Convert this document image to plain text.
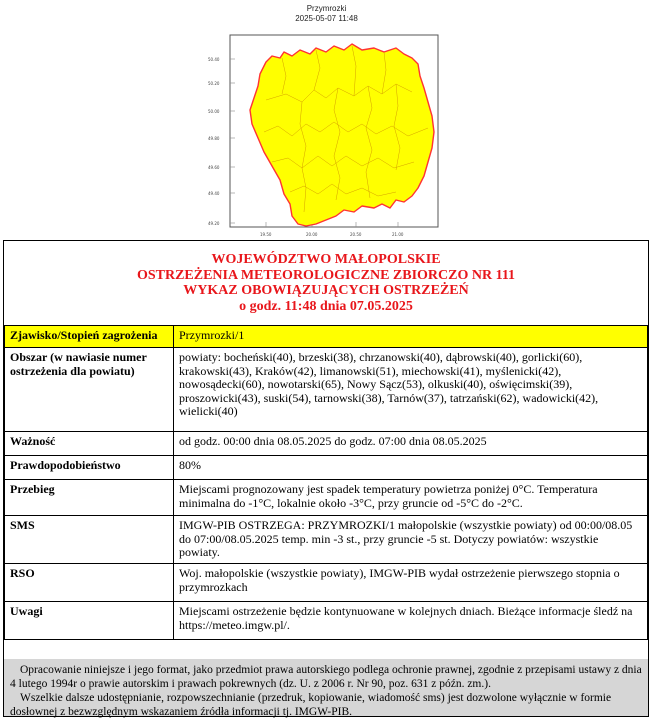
Przymrozki
2025-05-07 11:48
50.40
50.20
50.00
49.80
49.60
49.40
49.20
19.50	20.00	20.50	21.00
WOJEWÓDZTWO MAŁOPOLSKIE
OSTRZEŻENIA METEOROLOGICZNE ZBIORCZO NR 111
WYKAZ OBOWIĄZUJĄCYCH OSTRZEŻEŃ
o godz. 11:48 dnia 07.05.2025
Zjawisko/Stopień zagrożenia	Przymrozki/1
Obszar (w nawiasie numer ostrzeżenia dla powiatu)	powiaty: bocheński(40), brzeski(38), chrzanowski(40), dąbrowski(40), gorlicki(60), krakowski(43), Kraków(42), limanowski(51), miechowski(41), myślenicki(42), nowosądecki(60), nowotarski(65), Nowy Sącz(53), olkuski(40), oświęcimski(39), proszowicki(43), suski(54), tarnowski(38), Tarnów(37), tatrzański(62), wadowicki(42), wielicki(40)
Ważność	od godz. 00:00 dnia 08.05.2025 do godz. 07:00 dnia 08.05.2025
Prawdopodobieństwo	80%
Przebieg	Miejscami prognozowany jest spadek temperatury powietrza poniżej 0°C. Temperatura minimalna do -1°C, lokalnie około -3°C, przy gruncie od -5°C do -2°C.
SMS	IMGW-PIB OSTRZEGA: PRZYMROZKI/1 małopolskie (wszystkie powiaty) od 00:00/08.05 do 07:00/08.05.2025 temp. min -3 st., przy gruncie -5 st. Dotyczy powiatów: wszystkie powiaty.
RSO	Woj. małopolskie (wszystkie powiaty), IMGW-PIB wydał ostrzeżenie pierwszego stopnia o przymrozkach
Uwagi	Miejscami ostrzeżenie będzie kontynuowane w kolejnych dniach. Bieżące informacje śledź na https://meteo.imgw.pl/.

Opracowanie niniejsze i jego format, jako przedmiot prawa autorskiego podlega ochronie prawnej, zgodnie z przepisami ustawy z dnia 4 lutego 1994r o prawie autorskim i prawach pokrewnych (dz. U. z 2006 r. Nr 90, poz. 631 z późn. zm.).

Wszelkie dalsze udostępnianie, rozpowszechnianie (przedruk, kopiowanie, wiadomość sms) jest dozwolone wyłącznie w formie dosłownej z bezwzględnym wskazaniem źródła informacji tj. IMGW-PIB.
